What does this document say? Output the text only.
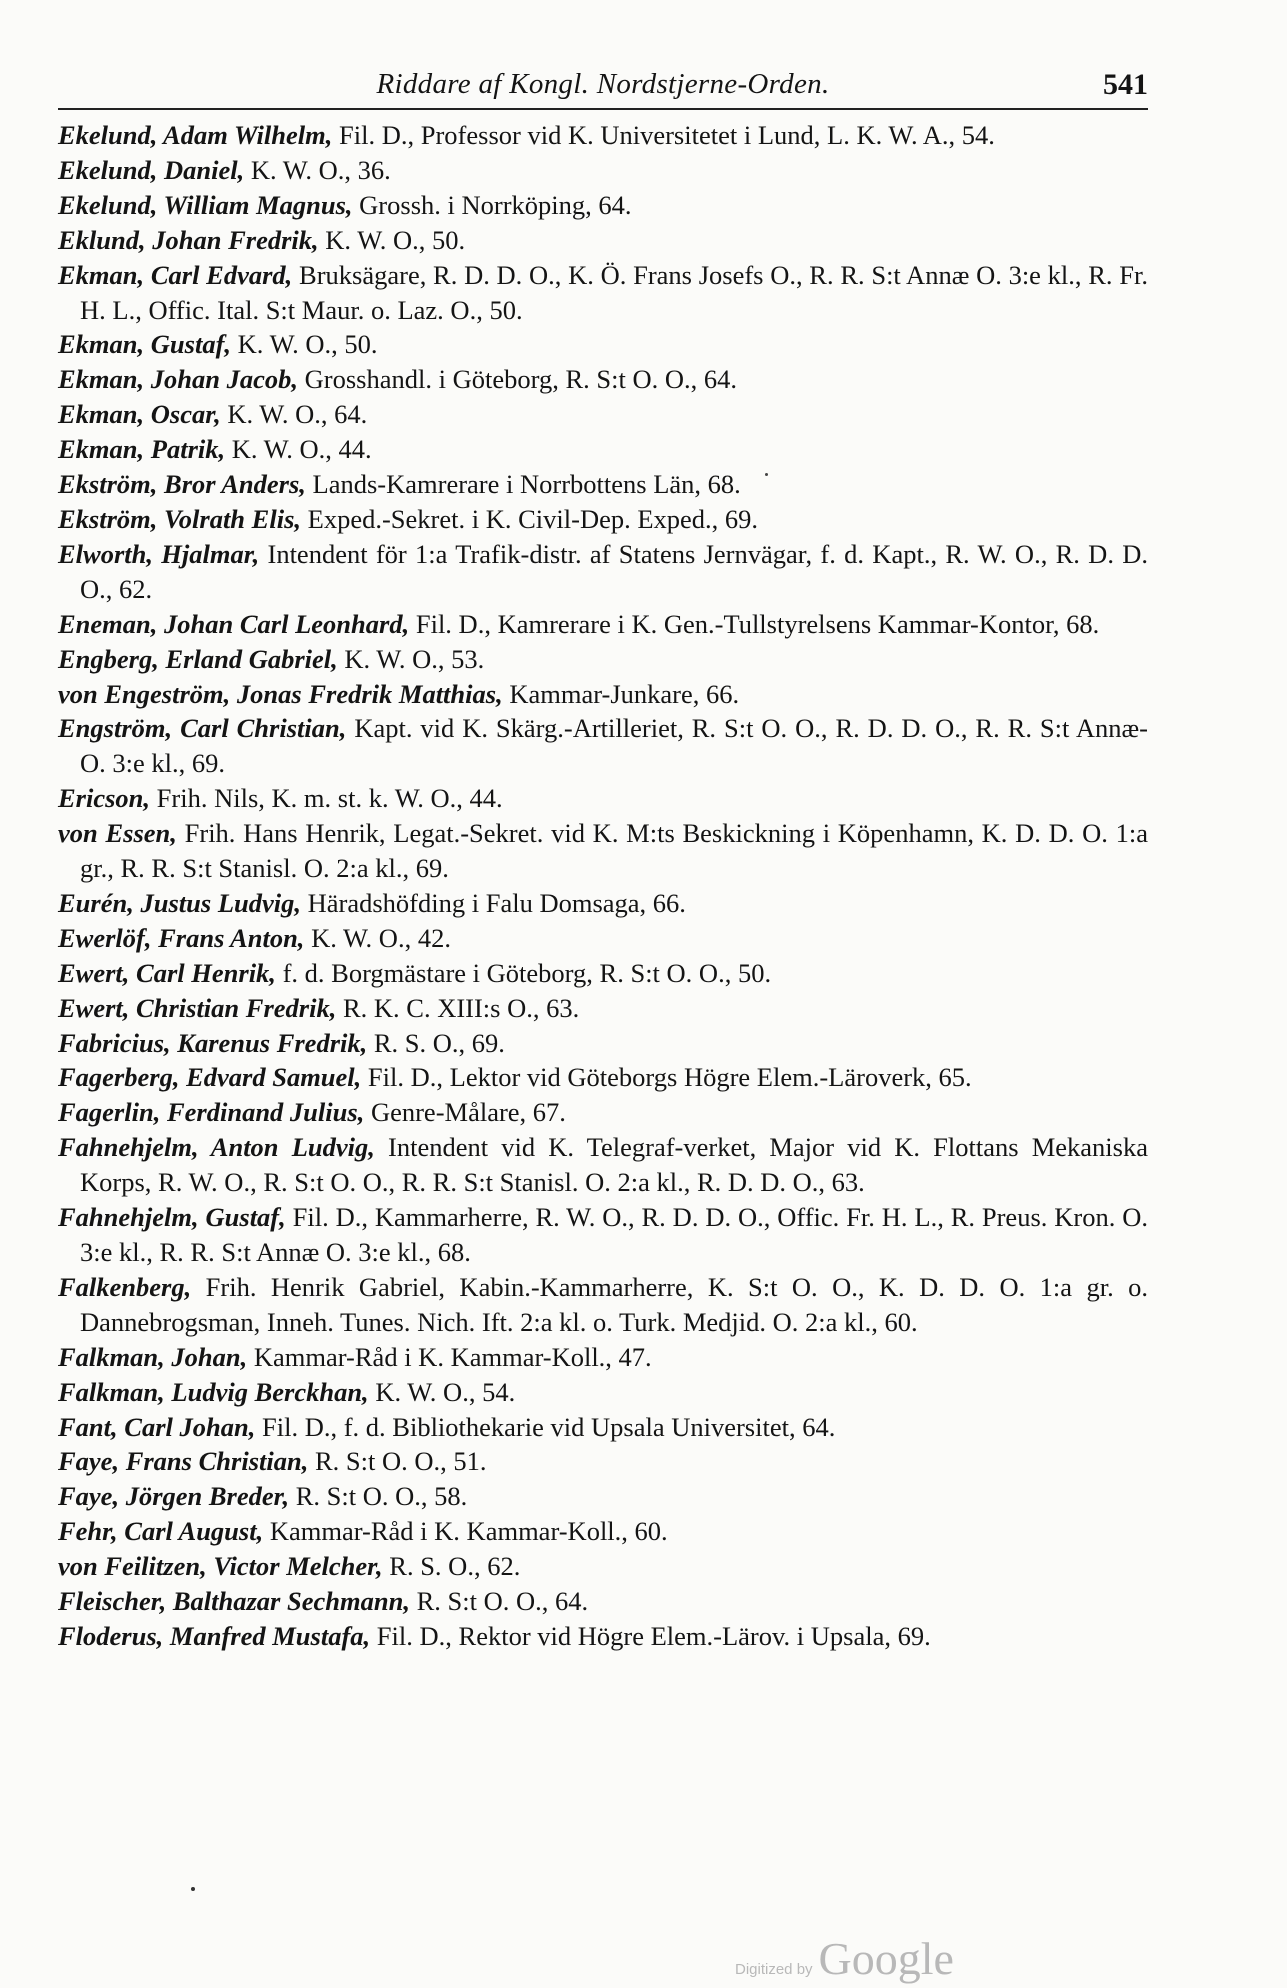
Riddare af Kongl. Nordstjerne-Orden.	541
Ekelund, Adam Wilhelm, Fil. D., Professor vid K. Universitetet i Lund, L. K. W. A., 54.
Ekelund, Daniel, K. W. O., 36.
Ekelund, William Magnus, Grossh. i Norrköping, 64.
Eklund, Johan Fredrik, K. W. O., 50.
Ekman, Carl Edvard, Bruksägare, R. D. D. O., K. Ö. Frans Josefs O., R. R. S:t Annæ O. 3:e kl., R. Fr. H. L., Offic. Ital. S:t Maur. o. Laz. O., 50.
Ekman, Gustaf, K. W. O., 50.
Ekman, Johan Jacob, Grosshandl. i Göteborg, R. S:t O. O., 64.
Ekman, Oscar, K. W. O., 64.
Ekman, Patrik, K. W. O., 44.
Ekström, Bror Anders, Lands-Kamrerare i Norrbottens Län, 68.
Ekström, Volrath Elis, Exped.-Sekret. i K. Civil-Dep. Exped., 69.
Elworth, Hjalmar, Intendent för 1:a Trafik-distr. af Statens Jernvägar, f. d. Kapt., R. W. O., R. D. D. O., 62.
Eneman, Johan Carl Leonhard, Fil. D., Kamrerare i K. Gen.-Tullstyrelsens Kammar-Kontor, 68.
Engberg, Erland Gabriel, K. W. O., 53.
von Engeström, Jonas Fredrik Matthias, Kammar-Junkare, 66.
Engström, Carl Christian, Kapt. vid K. Skärg.-Artilleriet, R. S:t O. O., R. D. D. O., R. R. S:t Annæ-O. 3:e kl., 69.
Ericson, Frih. Nils, K. m. st. k. W. O., 44.
von Essen, Frih. Hans Henrik, Legat.-Sekret. vid K. M:ts Beskickning i Köpenhamn, K. D. D. O. 1:a gr., R. R. S:t Stanisl. O. 2:a kl., 69.
Eurén, Justus Ludvig, Häradshöfding i Falu Domsaga, 66.
Ewerlöf, Frans Anton, K. W. O., 42.
Ewert, Carl Henrik, f. d. Borgmästare i Göteborg, R. S:t O. O., 50.
Ewert, Christian Fredrik, R. K. C. XIII:s O., 63.
Fabricius, Karenus Fredrik, R. S. O., 69.
Fagerberg, Edvard Samuel, Fil. D., Lektor vid Göteborgs Högre Elem.-Läroverk, 65.
Fagerlin, Ferdinand Julius, Genre-Målare, 67.
Fahnehjelm, Anton Ludvig, Intendent vid K. Telegraf-verket, Major vid K. Flottans Mekaniska Korps, R. W. O., R. S:t O. O., R. R. S:t Stanisl. O. 2:a kl., R. D. D. O., 63.
Fahnehjelm, Gustaf, Fil. D., Kammarherre, R. W. O., R. D. D. O., Offic. Fr. H. L., R. Preus. Kron. O. 3:e kl., R. R. S:t Annæ O. 3:e kl., 68.
Falkenberg, Frih. Henrik Gabriel, Kabin.-Kammarherre, K. S:t O. O., K. D. D. O. 1:a gr. o. Dannebrogsman, Inneh. Tunes. Nich. Ift. 2:a kl. o. Turk. Medjid. O. 2:a kl., 60.
Falkman, Johan, Kammar-Råd i K. Kammar-Koll., 47.
Falkman, Ludvig Berckhan, K. W. O., 54.
Fant, Carl Johan, Fil. D., f. d. Bibliothekarie vid Upsala Universitet, 64.
Faye, Frans Christian, R. S:t O. O., 51.
Faye, Jörgen Breder, R. S:t O. O., 58.
Fehr, Carl August, Kammar-Råd i K. Kammar-Koll., 60.
von Feilitzen, Victor Melcher, R. S. O., 62.
Fleischer, Balthazar Sechmann, R. S:t O. O., 64.
Floderus, Manfred Mustafa, Fil. D., Rektor vid Högre Elem.-Lärov. i Upsala, 69.
Digitized by Google
